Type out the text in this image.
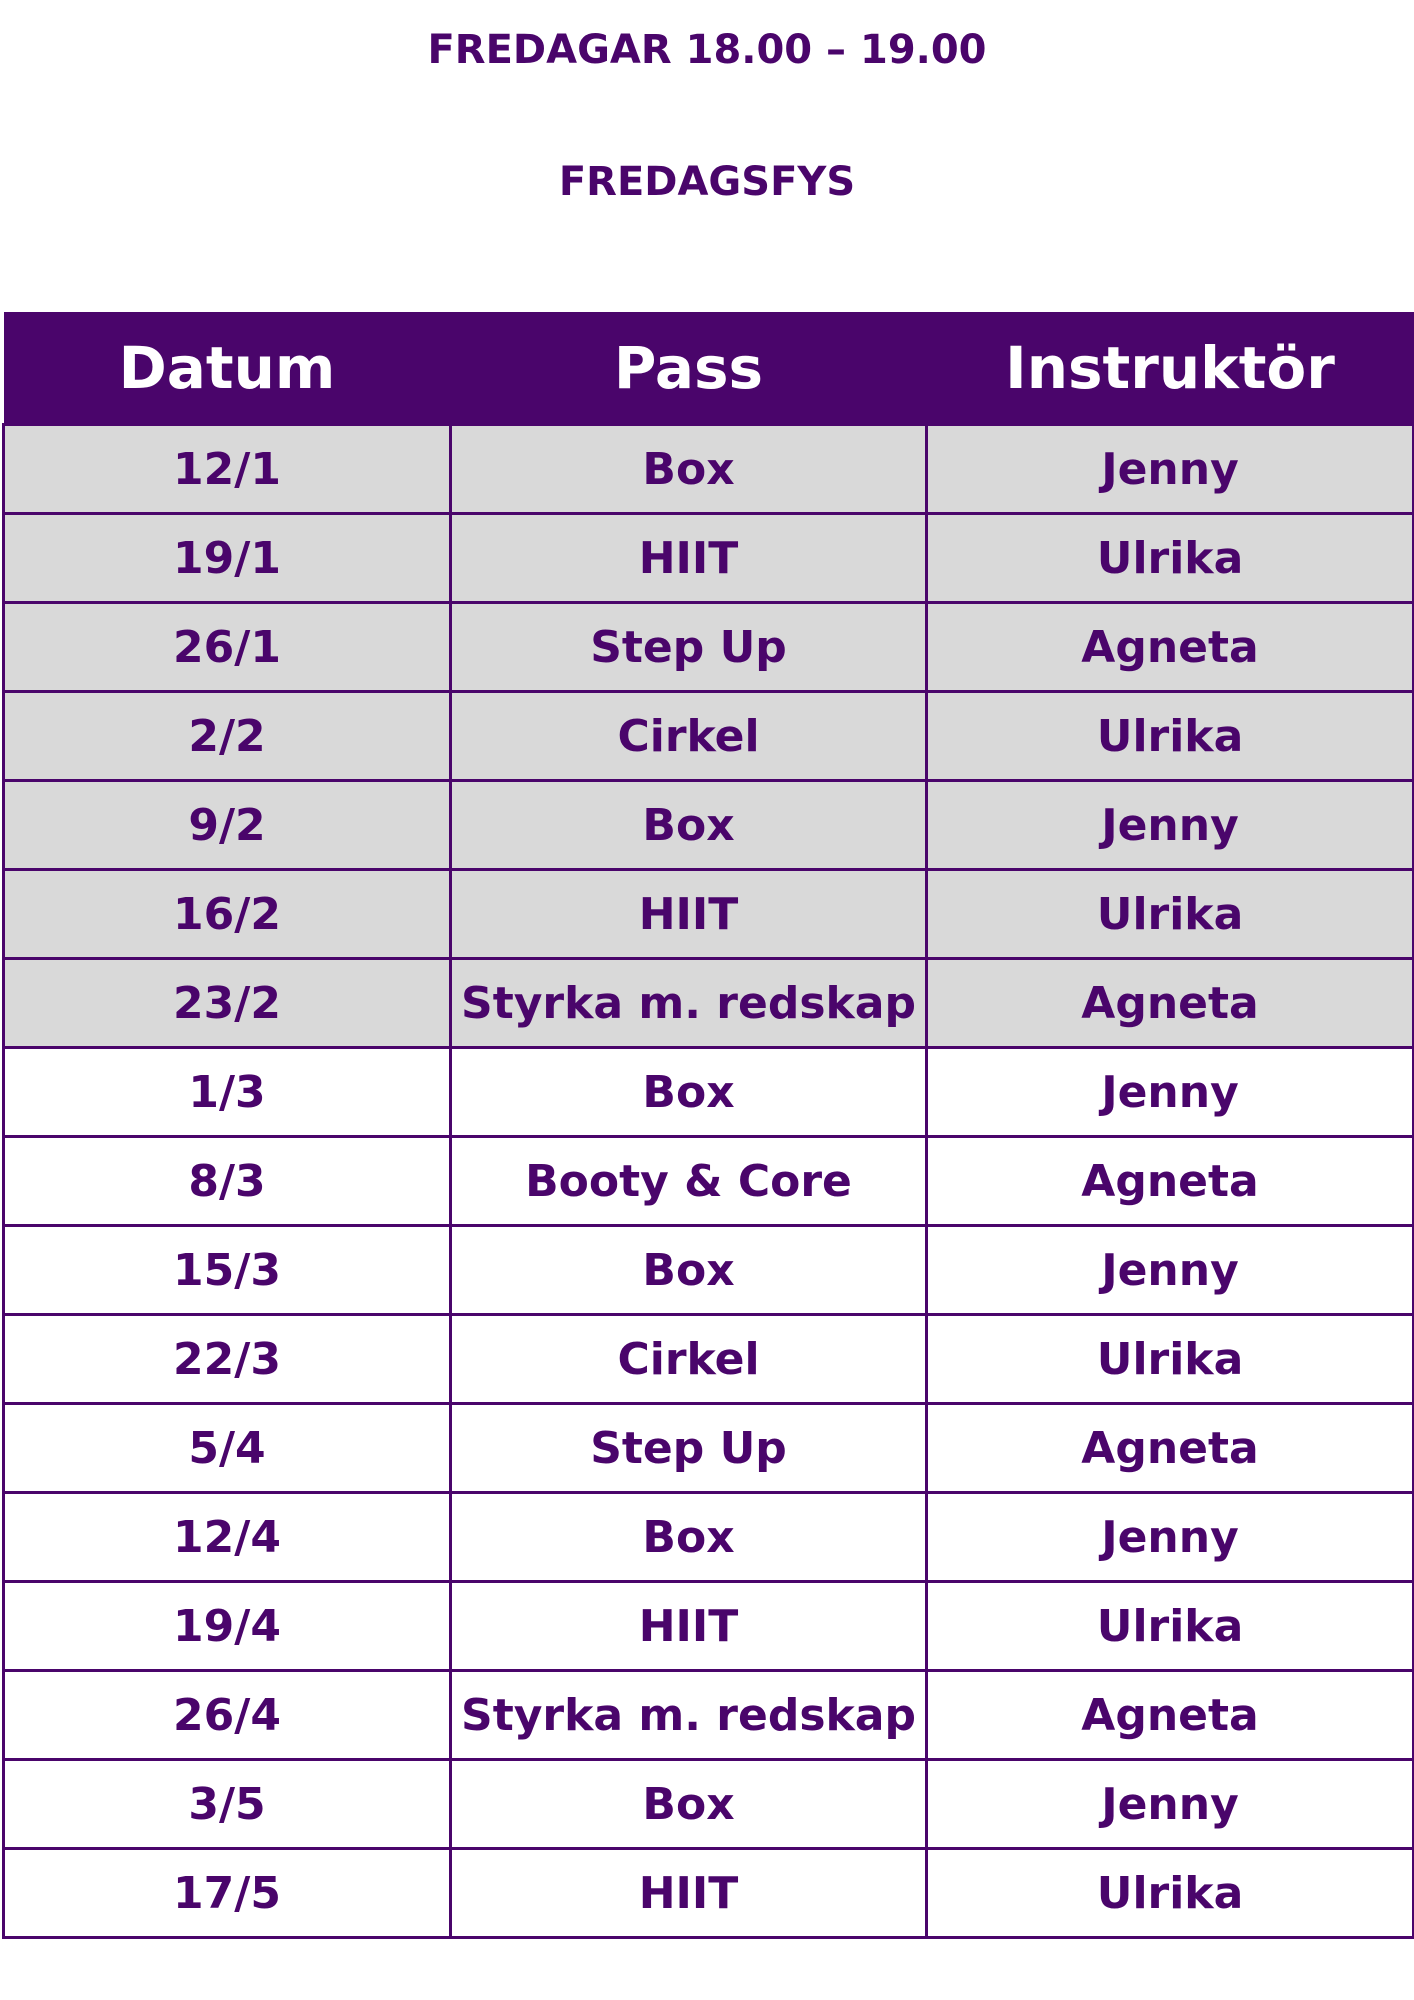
FREDAGAR 18.00 – 19.00
FREDAGSFYS
Datum	Pass	Instruktör
12/1	Box	Jenny
19/1	HIIT	Ulrika
26/1	Step Up	Agneta
2/2	Cirkel	Ulrika
9/2	Box	Jenny
16/2	HIIT	Ulrika
23/2	Styrka m. redskap	Agneta
1/3	Box	Jenny
8/3	Booty & Core	Agneta
15/3	Box	Jenny
22/3	Cirkel	Ulrika
5/4	Step Up	Agneta
12/4	Box	Jenny
19/4	HIIT	Ulrika
26/4	Styrka m. redskap	Agneta
3/5	Box	Jenny
17/5	HIIT	Ulrika
